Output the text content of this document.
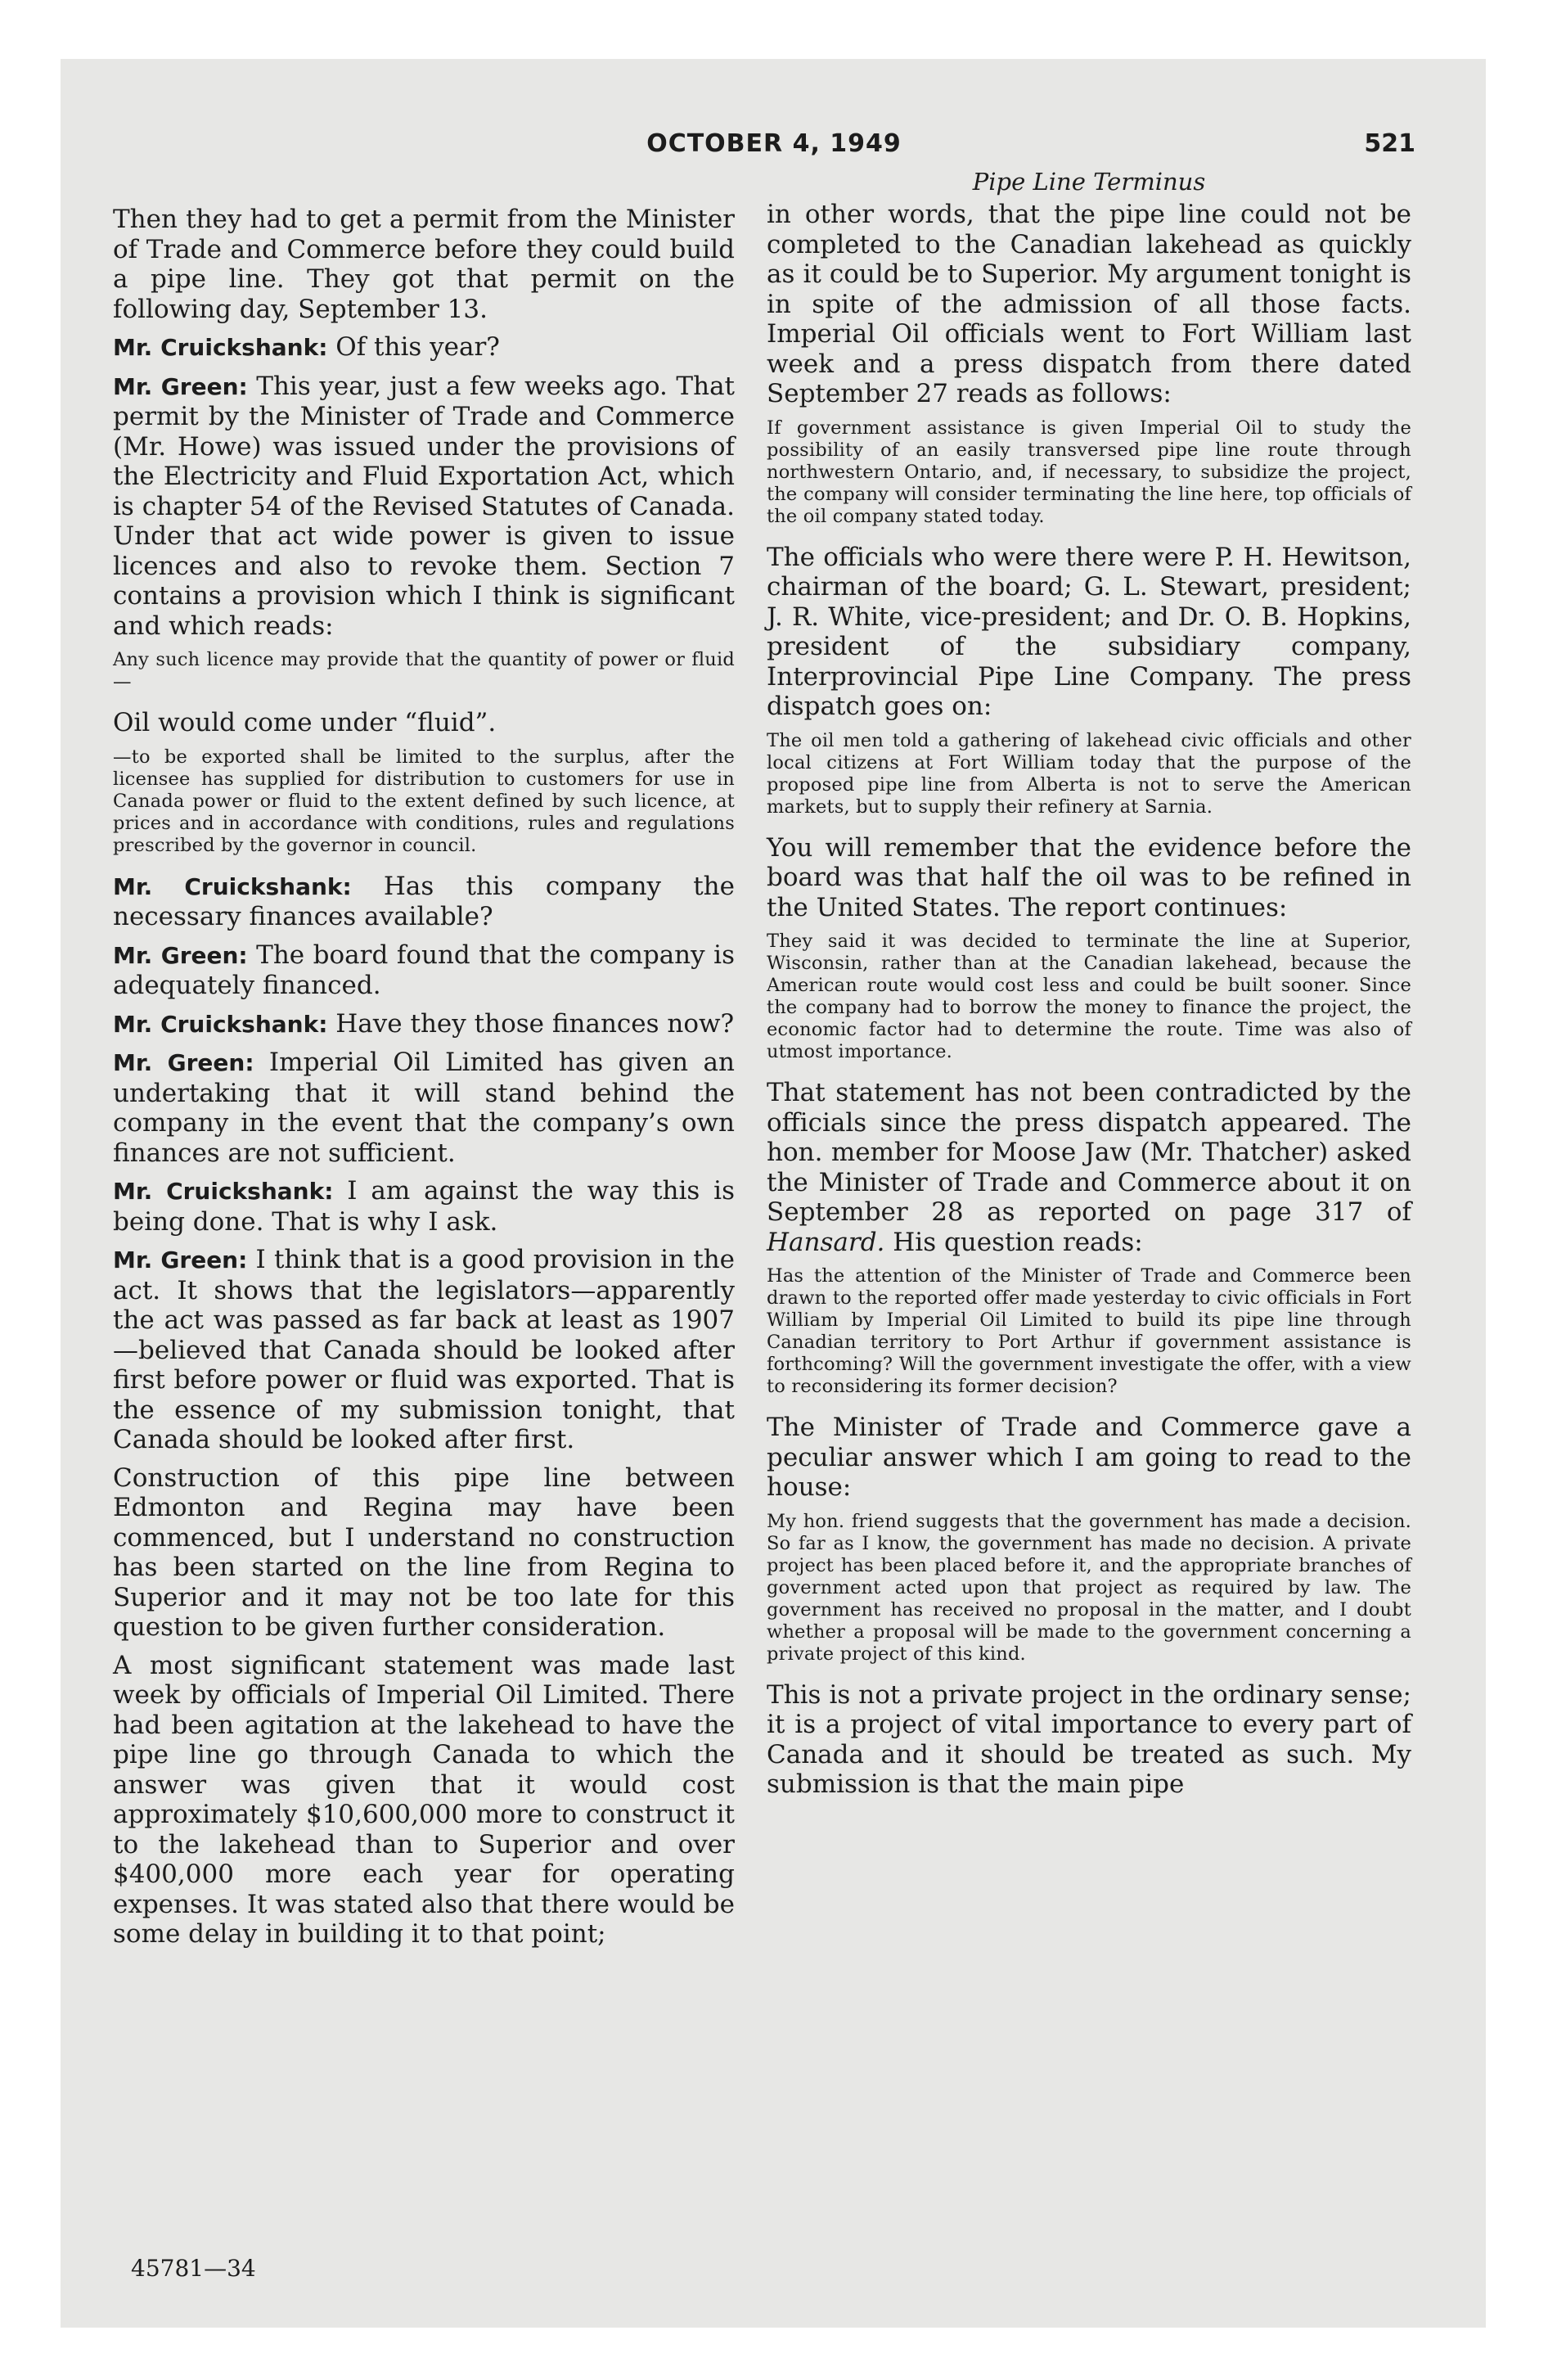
OCTOBER 4, 1949	521
Pipe Line Terminus

Then they had to get a permit from the Minister of Trade and Commerce before they could build a pipe line. They got that permit on the following day, September 13.

Mr. Cruickshank: Of this year?

Mr. Green: This year, just a few weeks ago. That permit by the Minister of Trade and Commerce (Mr. Howe) was issued under the provisions of the Electricity and Fluid Exportation Act, which is chapter 54 of the Revised Statutes of Canada. Under that act wide power is given to issue licences and also to revoke them. Section 7 contains a provision which I think is significant and which reads:

Any such licence may provide that the quantity of power or fluid—

Oil would come under “fluid”.

—to be exported shall be limited to the surplus, after the licensee has supplied for distribution to customers for use in Canada power or fluid to the extent defined by such licence, at prices and in accordance with conditions, rules and regulations prescribed by the governor in council.

Mr. Cruickshank: Has this company the necessary finances available?

Mr. Green: The board found that the company is adequately financed.

Mr. Cruickshank: Have they those finances now?

Mr. Green: Imperial Oil Limited has given an undertaking that it will stand behind the company in the event that the company’s own finances are not sufficient.

Mr. Cruickshank: I am against the way this is being done. That is why I ask.

Mr. Green: I think that is a good provision in the act. It shows that the legislators—apparently the act was passed as far back at least as 1907—believed that Canada should be looked after first before power or fluid was exported. That is the essence of my submission tonight, that Canada should be looked after first.

Construction of this pipe line between Edmonton and Regina may have been commenced, but I understand no construction has been started on the line from Regina to Superior and it may not be too late for this question to be given further consideration.

A most significant statement was made last week by officials of Imperial Oil Limited. There had been agitation at the lakehead to have the pipe line go through Canada to which the answer was given that it would cost approximately $10,600,000 more to construct it to the lakehead than to Superior and over $400,000 more each year for operating expenses. It was stated also that there would be some delay in building it to that point;

in other words, that the pipe line could not be completed to the Canadian lakehead as quickly as it could be to Superior. My argument tonight is in spite of the admission of all those facts. Imperial Oil officials went to Fort William last week and a press dispatch from there dated September 27 reads as follows:

If government assistance is given Imperial Oil to study the possibility of an easily transversed pipe line route through northwestern Ontario, and, if necessary, to subsidize the project, the company will consider terminating the line here, top officials of the oil company stated today.

The officials who were there were P. H. Hewitson, chairman of the board; G. L. Stewart, president; J. R. White, vice-president; and Dr. O. B. Hopkins, president of the subsidiary company, Interprovincial Pipe Line Company. The press dispatch goes on:

The oil men told a gathering of lakehead civic officials and other local citizens at Fort William today that the purpose of the proposed pipe line from Alberta is not to serve the American markets, but to supply their refinery at Sarnia.

You will remember that the evidence before the board was that half the oil was to be refined in the United States. The report continues:

They said it was decided to terminate the line at Superior, Wisconsin, rather than at the Canadian lakehead, because the American route would cost less and could be built sooner. Since the company had to borrow the money to finance the project, the economic factor had to determine the route. Time was also of utmost importance.

That statement has not been contradicted by the officials since the press dispatch appeared. The hon. member for Moose Jaw (Mr. Thatcher) asked the Minister of Trade and Commerce about it on September 28 as reported on page 317 of Hansard. His question reads:

Has the attention of the Minister of Trade and Commerce been drawn to the reported offer made yesterday to civic officials in Fort William by Imperial Oil Limited to build its pipe line through Canadian territory to Port Arthur if government assistance is forthcoming? Will the government investigate the offer, with a view to reconsidering its former decision?

The Minister of Trade and Commerce gave a peculiar answer which I am going to read to the house:

My hon. friend suggests that the government has made a decision. So far as I know, the government has made no decision. A private project has been placed before it, and the appropriate branches of government acted upon that project as required by law. The government has received no proposal in the matter, and I doubt whether a proposal will be made to the government concerning a private project of this kind.

This is not a private project in the ordinary sense; it is a project of vital importance to every part of Canada and it should be treated as such. My submission is that the main pipe

45781—34
